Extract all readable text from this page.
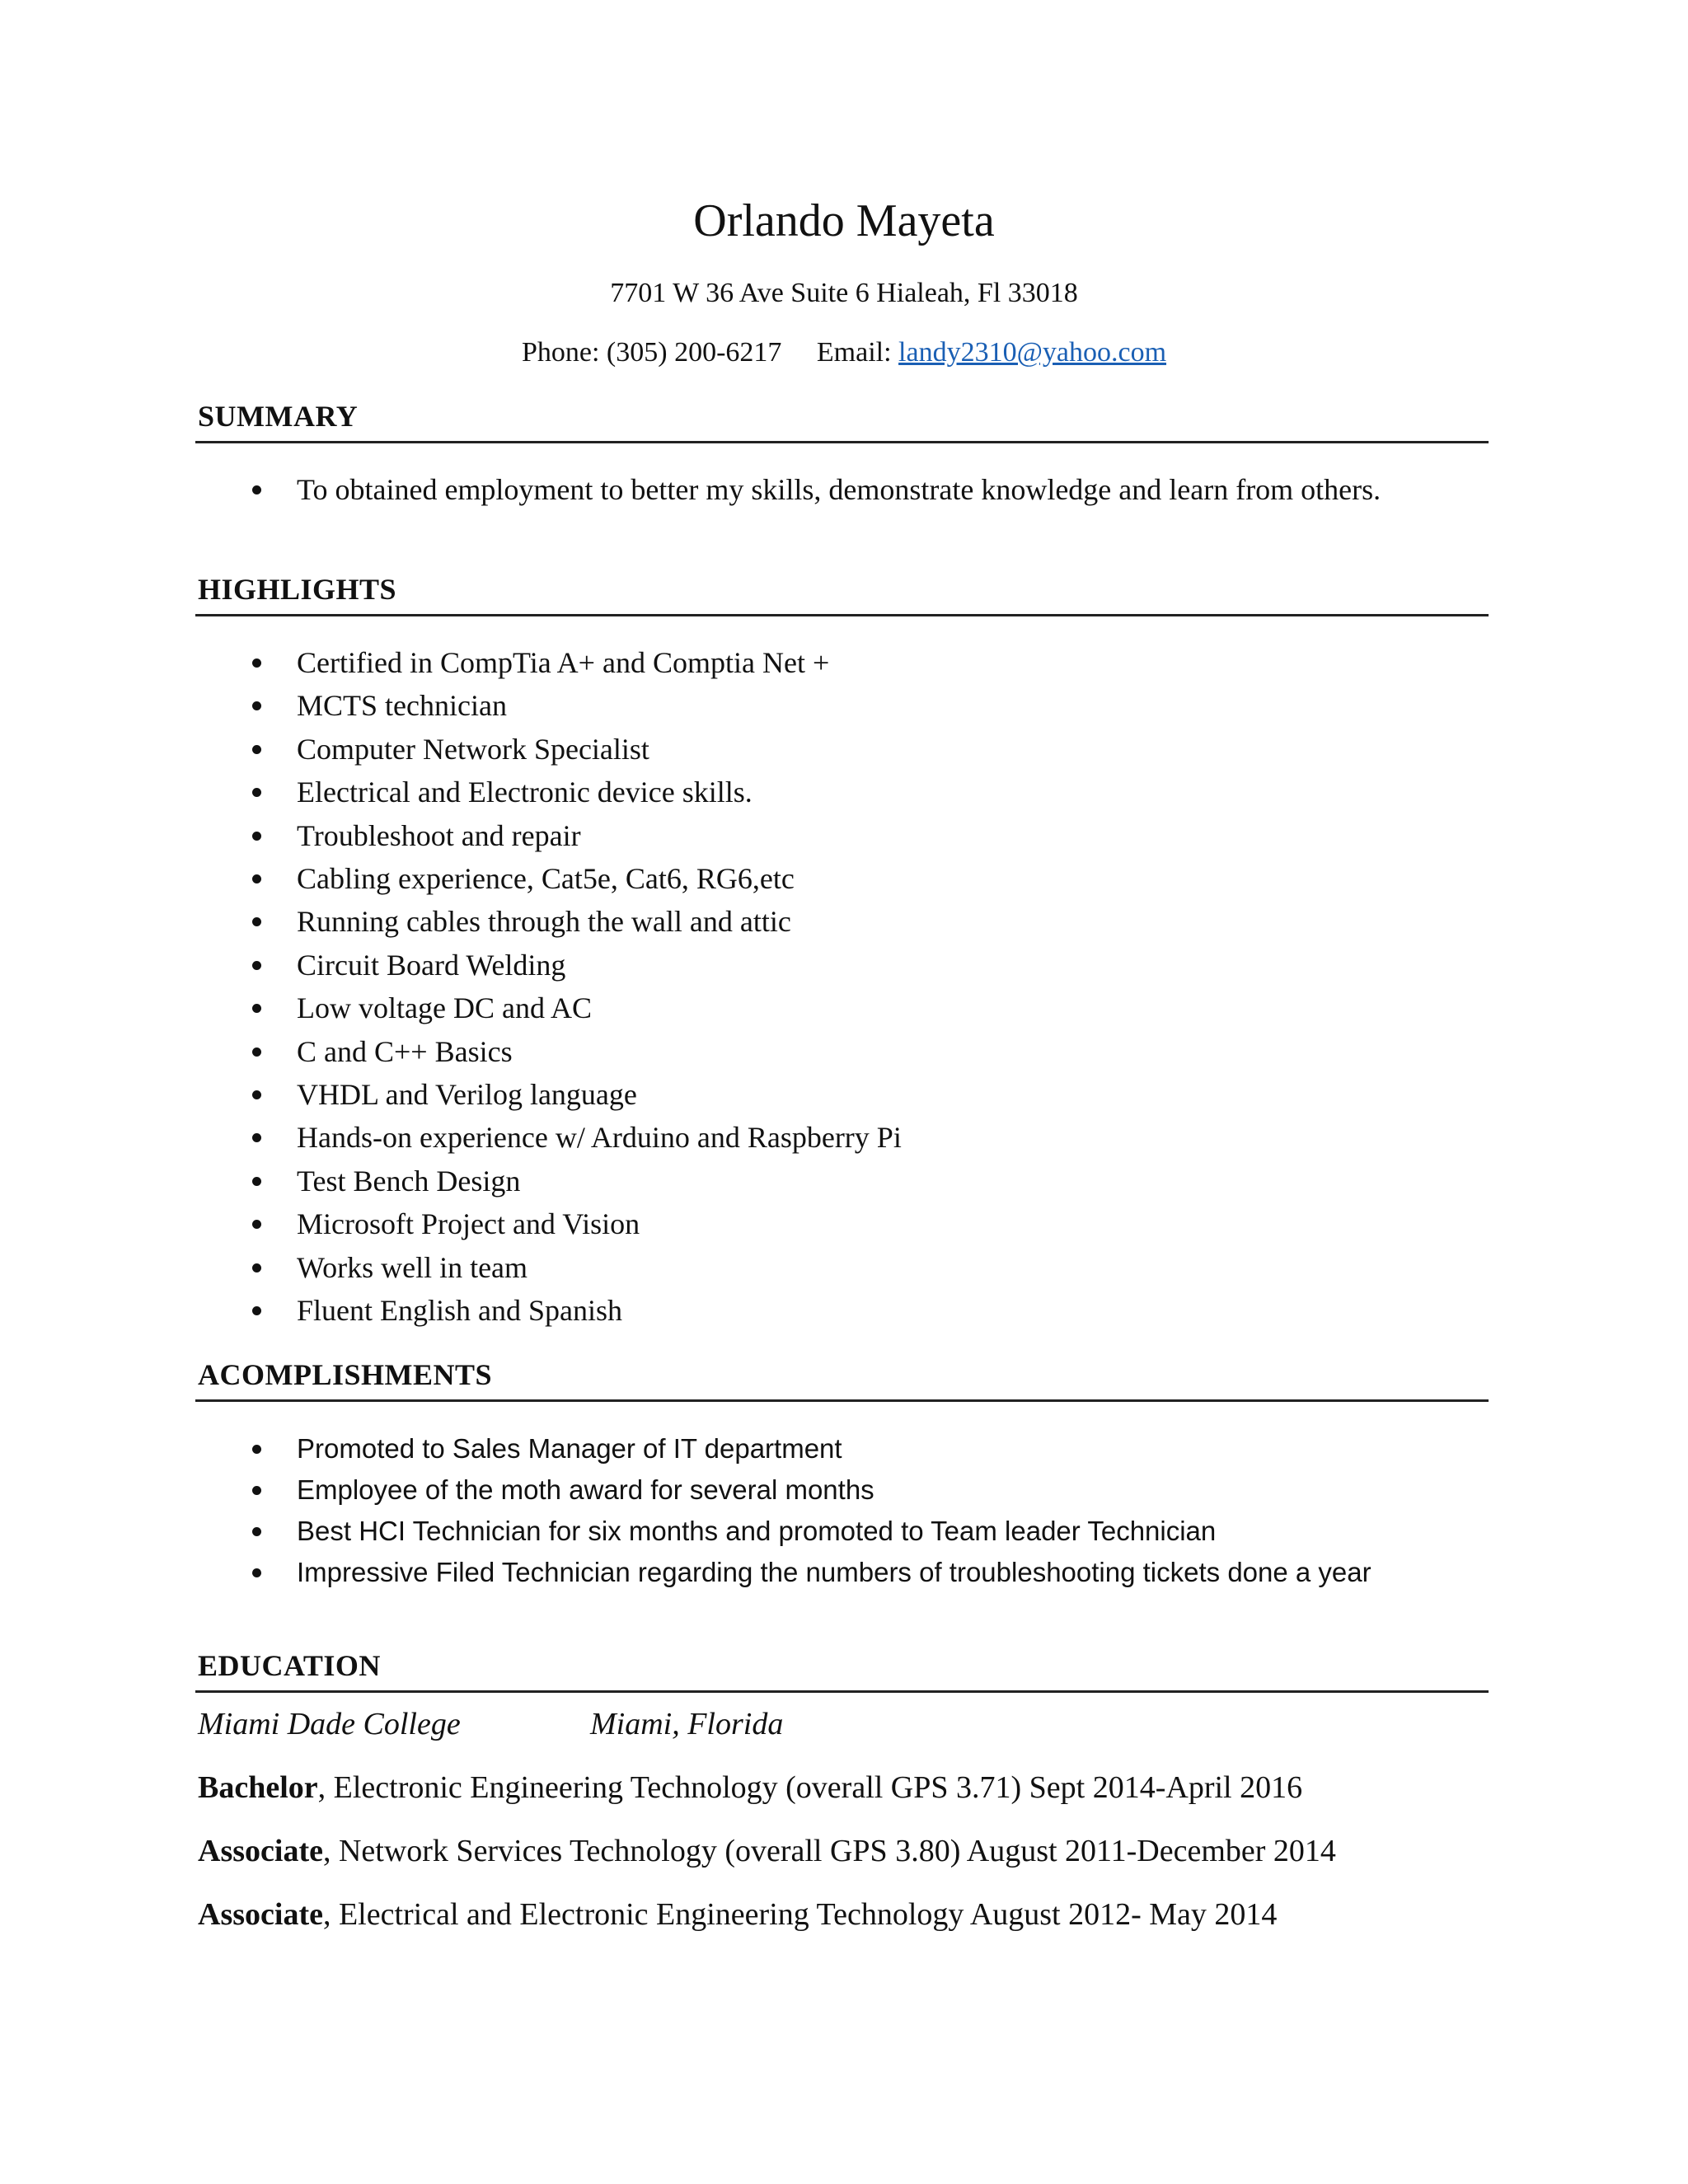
Orlando Mayeta
7701 W 36 Ave Suite 6 Hialeah, Fl 33018
Phone: (305) 200-6217 Email: landy2310@yahoo.com
SUMMARY
To obtained employment to better my skills, demonstrate knowledge and learn from others.
HIGHLIGHTS
Certified in CompTia A+ and Comptia Net +
MCTS technician
Computer Network Specialist
Electrical and Electronic device skills.
Troubleshoot and repair
Cabling experience, Cat5e, Cat6, RG6,etc
Running cables through the wall and attic
Circuit Board Welding
Low voltage DC and AC
C and C++ Basics
VHDL and Verilog language
Hands-on experience w/ Arduino and Raspberry Pi
Test Bench Design
Microsoft Project and Vision
Works well in team
Fluent English and Spanish
ACOMPLISHMENTS
Promoted to Sales Manager of IT department
Employee of the moth award for several months
Best HCI Technician for six months and promoted to Team leader Technician
Impressive Filed Technician regarding the numbers of troubleshooting tickets done a year
EDUCATION
Miami Dade College	Miami, Florida
Bachelor, Electronic Engineering Technology (overall GPS 3.71) Sept 2014-April 2016
Associate, Network Services Technology (overall GPS 3.80) August 2011-December 2014
Associate, Electrical and Electronic Engineering Technology August 2012- May 2014
